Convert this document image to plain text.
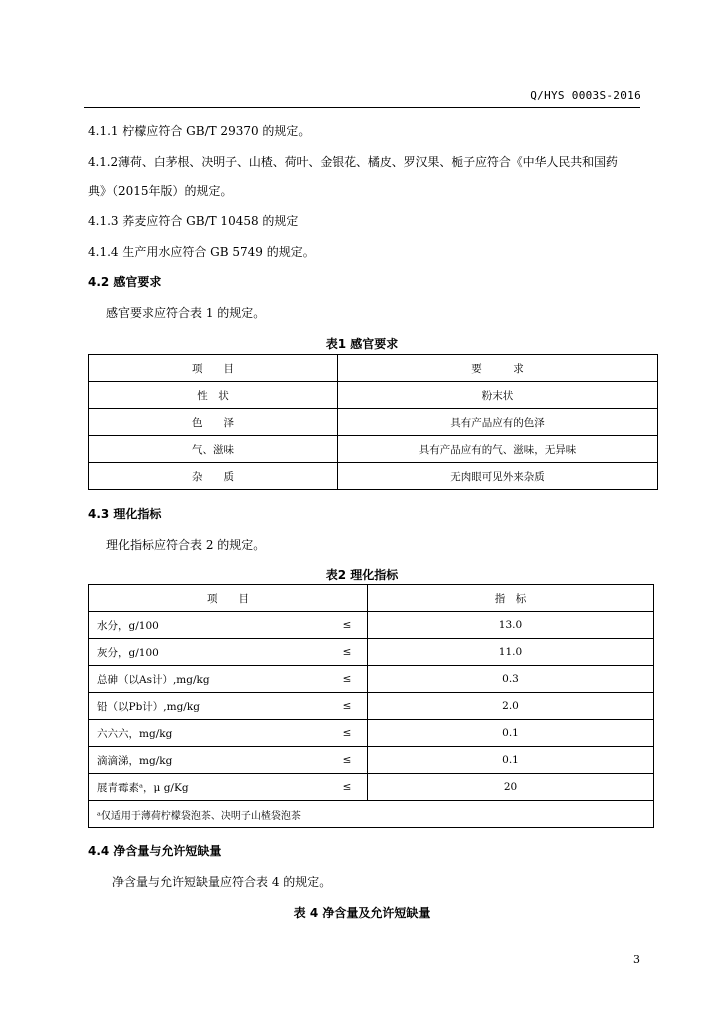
Q/HYS 0003S-2016
4.1.1 柠檬应符合 GB/T 29370 的规定。
4.1.2薄荷、白茅根、决明子、山楂、荷叶、金银花、橘皮、罗汉果、栀子应符合《中华人民共和国药
典》（2015年版）的规定。
4.1.3 荞麦应符合 GB/T 10458 的规定
4.1.4 生产用水应符合 GB 5749 的规定。
4.2 感官要求
感官要求应符合表 1 的规定。
表1 感官要求
项　　目	要　　　求
性　状	粉末状
色　　泽	具有产品应有的色泽
气、滋味	具有产品应有的气、滋味，无异味
杂　　质	无肉眼可见外来杂质
4.3 理化指标
理化指标应符合表 2 的规定。
表2 理化指标
项　　目		指　标
水分，g/100	≤	13.0
灰分，g/100	≤	11.0
总砷（以As计）,mg/kg	≤	0.3
铅（以Pb计）,mg/kg	≤	2.0
六六六，mg/kg	≤	0.1
滴滴涕，mg/kg	≤	0.1
展青霉素ᵃ，μ g/Kg	≤	20
ᵃ仅适用于薄荷柠檬袋泡茶、决明子山楂袋泡茶		
4.4 净含量与允许短缺量
净含量与允许短缺量应符合表 4 的规定。
表 4 净含量及允许短缺量
3
